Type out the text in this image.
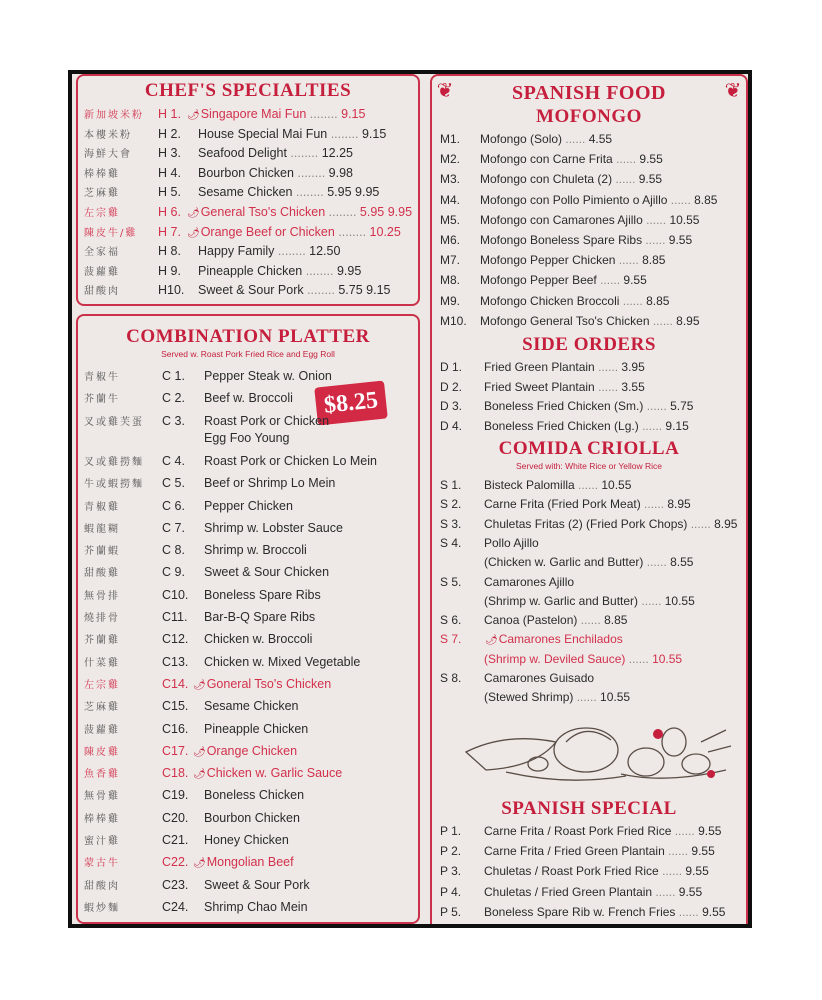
CHEF'S SPECIALTIES
新加坡米粉 H 1. 🌶Singapore Mai Fun ........ 9.15
本樓米粉 H 2. House Special Mai Fun ........ 9.15
海鮮大會 H 3. Seafood Delight ........ 12.25
棒棒雞	H 4. Bourbon Chicken ........ 9.98
芝麻雞	H 5. Sesame Chicken ........ 5.95 9.95
左宗雞	H 6. 🌶General Tso's Chicken ........ 5.95 9.95
陳皮牛/雞 H 7. 🌶Orange Beef or Chicken ........ 10.25
全家福	H 8. Happy Family ........ 12.50
菠蘿雞	H 9. Pineapple Chicken ........ 9.95
甜酸肉	H10. Sweet & Sour Pork ........ 5.75 9.15
COMBINATION PLATTER
Served w. Roast Pork Fried Rice and Egg Roll
$8.25
青椒牛	C 1. Pepper Steak w. Onion
芥蘭牛	C 2. Beef w. Broccoli
叉或雞芙蛋 C 3. Roast Pork or Chicken
Egg Foo Young
叉或雞撈麵 C 4. Roast Pork or Chicken Lo Mein
牛或蝦撈麵 C 5. Beef or Shrimp Lo Mein
青椒雞	C 6. Pepper Chicken
蝦龍糊	C 7. Shrimp w. Lobster Sauce
芥蘭蝦	C 8. Shrimp w. Broccoli
甜酸雞	C 9. Sweet & Sour Chicken
無骨排	C10. Boneless Spare Ribs
燒排骨	C11. Bar-B-Q Spare Ribs
芥蘭雞	C12. Chicken w. Broccoli
什菜雞	C13. Chicken w. Mixed Vegetable
左宗雞	C14. 🌶Goneral Tso's Chicken
芝麻雞	C15. Sesame Chicken
菠蘿雞	C16. Pineapple Chicken
陳皮雞	C17. 🌶Orange Chicken
魚香雞	C18. 🌶Chicken w. Garlic Sauce
無骨雞	C19. Boneless Chicken
棒棒雞	C20. Bourbon Chicken
蜜汁雞	C21. Honey Chicken
蒙古牛	C22. 🌶Mongolian Beef
甜酸肉	C23. Sweet & Sour Pork
蝦炒麵	C24. Shrimp Chao Mein
❦	❦
SPANISH FOOD
MOFONGO
M1. Mofongo (Solo) ...... 4.55
M2. Mofongo con Carne Frita ...... 9.55
M3. Mofongo con Chuleta (2) ...... 9.55
M4. Mofongo con Pollo Pimiento o Ajillo ...... 8.85
M5. Mofongo con Camarones Ajillo ...... 10.55
M6. Mofongo Boneless Spare Ribs ...... 9.55
M7. Mofongo Pepper Chicken ...... 8.85
M8. Mofongo Pepper Beef ...... 9.55
M9. Mofongo Chicken Broccoli ...... 8.85
M10. Mofongo General Tso's Chicken ...... 8.95
SIDE ORDERS
D 1. Fried Green Plantain ...... 3.95
D 2. Fried Sweet Plantain ...... 3.55
D 3. Boneless Fried Chicken (Sm.) ...... 5.75
D 4. Boneless Fried Chicken (Lg.) ...... 9.15
COMIDA CRIOLLA
Served with: White Rice or Yellow Rice
S 1. Bisteck Palomilla ...... 10.55
S 2. Carne Frita (Fried Pork Meat) ...... 8.95
S 3. Chuletas Fritas (2) (Fried Pork Chops) ...... 8.95
S 4. Pollo Ajillo
(Chicken w. Garlic and Butter) ...... 8.55
S 5. Camarones Ajillo
(Shrimp w. Garlic and Butter) ...... 10.55
S 6. Canoa (Pastelon) ...... 8.85
S 7. 🌶Camarones Enchilados
(Shrimp w. Deviled Sauce) ...... 10.55
S 8. Camarones Guisado
(Stewed Shrimp) ...... 10.55
SPANISH SPECIAL
P 1. Carne Frita / Roast Pork Fried Rice ...... 9.55
P 2. Carne Frita / Fried Green Plantain ...... 9.55
P 3. Chuletas / Roast Pork Fried Rice ...... 9.55
P 4. Chuletas / Fried Green Plantain ...... 9.55
P 5. Boneless Spare Rib w. French Fries ...... 9.55
